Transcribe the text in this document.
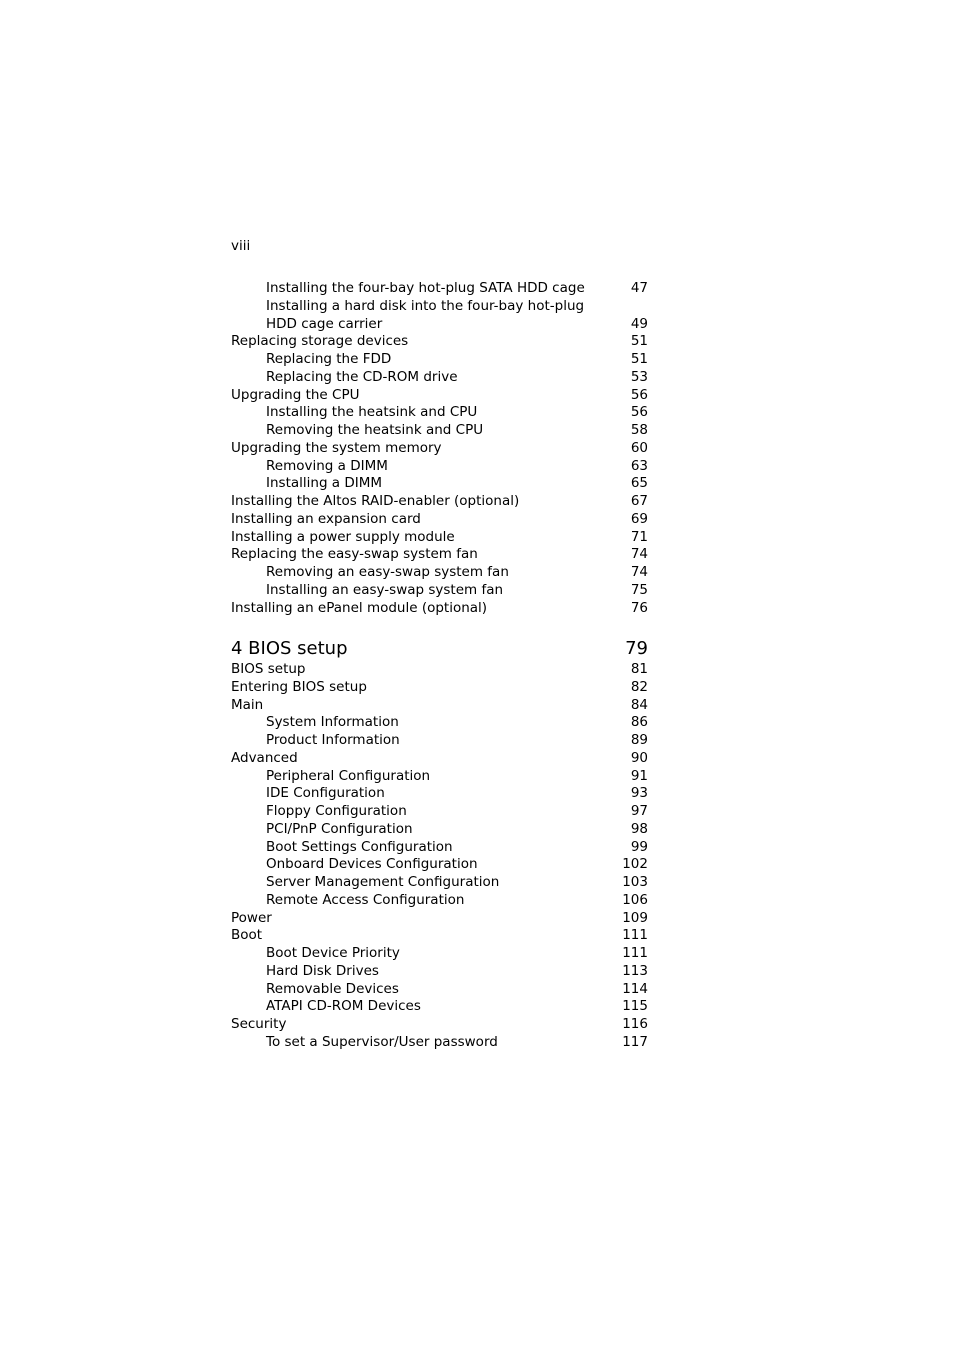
viii
Installing the four-bay hot-plug SATA HDD cage	47
Installing a hard disk into the four-bay hot-plug
HDD cage carrier	49
Replacing storage devices	51
Replacing the FDD	51
Replacing the CD-ROM drive	53
Upgrading the CPU	56
Installing the heatsink and CPU	56
Removing the heatsink and CPU	58
Upgrading the system memory	60
Removing a DIMM	63
Installing a DIMM	65
Installing the Altos RAID-enabler (optional)	67
Installing an expansion card	69
Installing a power supply module	71
Replacing the easy-swap system fan	74
Removing an easy-swap system fan	74
Installing an easy-swap system fan	75
Installing an ePanel module (optional)	76
4 BIOS setup	79
BIOS setup	81
Entering BIOS setup	82
Main	84
System Information	86
Product Information	89
Advanced	90
Peripheral Configuration	91
IDE Configuration	93
Floppy Configuration	97
PCI/PnP Configuration	98
Boot Settings Configuration	99
Onboard Devices Configuration	102
Server Management Configuration	103
Remote Access Configuration	106
Power	109
Boot	111
Boot Device Priority	111
Hard Disk Drives	113
Removable Devices	114
ATAPI CD-ROM Devices	115
Security	116
To set a Supervisor/User password	117
